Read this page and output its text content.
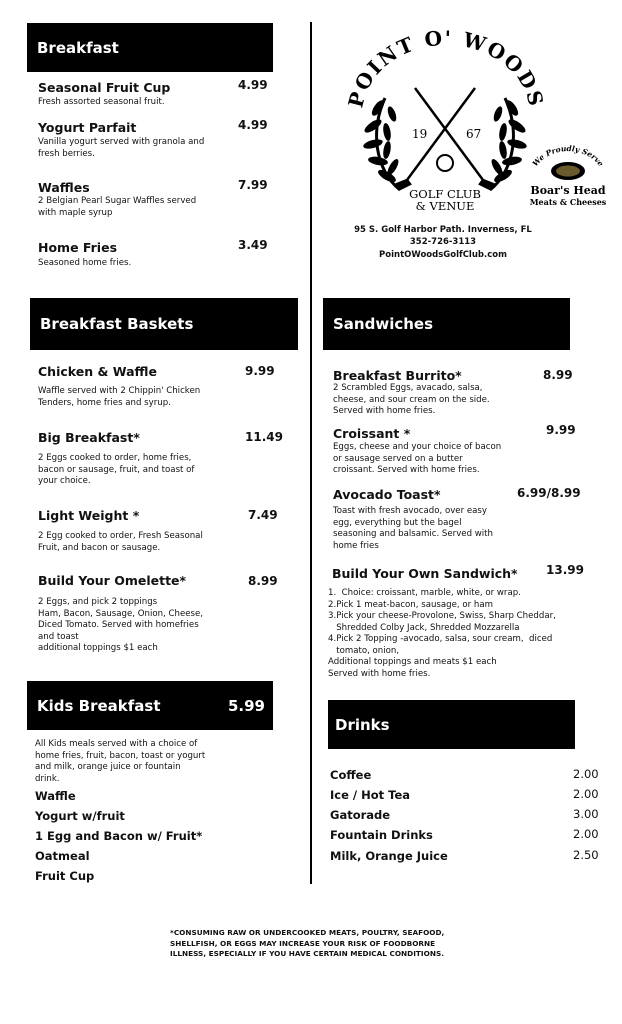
Breakfast
Seasonal Fruit Cup	4.99
Fresh assorted seasonal fruit.
Yogurt Parfait	4.99
Vanilla yogurt served with granola and
fresh berries.
Waffles	7.99
2 Belgian Pearl Sugar Waffles served
with maple syrup
Home Fries	3.49
Seasoned home fries.
POINT O' WOODS
19	67
GOLF CLUB
& VENUE
We Proudly Serve
Boar's Head
Meats & Cheeses
95 S. Golf Harbor Path. Inverness, FL
352-726-3113
PointOWoodsGolfClub.com
Breakfast Baskets
Chicken & Waffle	9.99
Waffle served with 2 Chippin' Chicken
Tenders, home fries and syrup.
Big Breakfast*	11.49
2 Eggs cooked to order, home fries,
bacon or sausage, fruit, and toast of
your choice.
Light Weight *	7.49
2 Egg cooked to order, Fresh Seasonal
Fruit, and bacon or sausage.
Build Your Omelette*	8.99
2 Eggs, and pick 2 toppings
Ham, Bacon, Sausage, Onion, Cheese,
Diced Tomato. Served with homefries
and toast
additional toppings $1 each
Sandwiches
Breakfast Burrito*	8.99
2 Scrambled Eggs, avacado, salsa,
cheese, and sour cream on the side.
Served with home fries.
Croissant *	9.99
Eggs, cheese and your choice of bacon
or sausage served on a butter
croissant. Served with home fries.
Avocado Toast*	6.99/8.99
Toast with fresh avocado, over easy
egg, everything but the bagel
seasoning and balsamic. Served with
home fries
Build Your Own Sandwich* 13.99
1.  Choice: croissant, marble, white, or wrap.
2.Pick 1 meat-bacon, sausage, or ham
3.Pick your cheese-Provolone, Swiss, Sharp Cheddar,
Shredded Colby Jack, Shredded Mozzarella
4.Pick 2 Topping -avocado, salsa, sour cream,  diced
tomato, onion,
Additional toppings and meats $1 each
Served with home fries.
Kids Breakfast	5.99
All Kids meals served with a choice of
home fries, fruit, bacon, toast or yogurt
and milk, orange juice or fountain
drink.
Waffle
Yogurt w/fruit
1 Egg and Bacon w/ Fruit*
Oatmeal
Fruit Cup
Drinks
Coffee	2.00
Ice / Hot Tea	2.00
Gatorade	3.00
Fountain Drinks	2.00
Milk, Orange Juice	2.50
*CONSUMING RAW OR UNDERCOOKED MEATS, POULTRY, SEAFOOD,
SHELLFISH, OR EGGS MAY INCREASE YOUR RISK OF FOODBORNE
ILLNESS, ESPECIALLY IF YOU HAVE CERTAIN MEDICAL CONDITIONS.
